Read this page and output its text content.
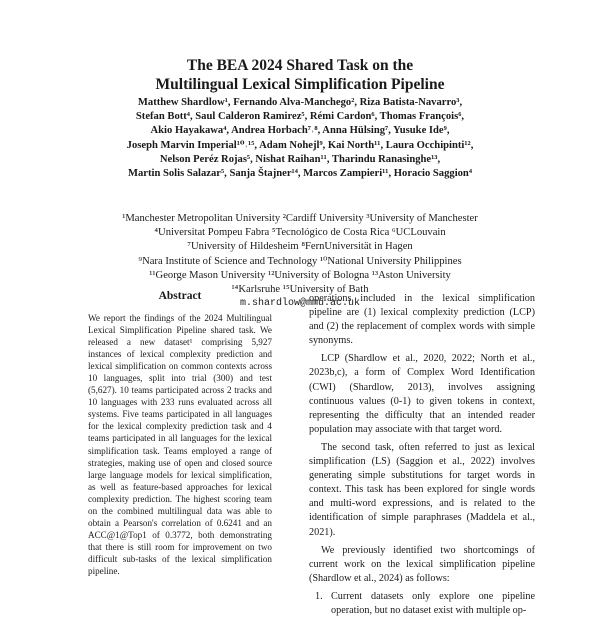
The BEA 2024 Shared Task on the
Multilingual Lexical Simplification Pipeline
Matthew Shardlow¹, Fernando Alva-Manchego², Riza Batista-Navarro³,
Stefan Bott⁴, Saul Calderon Ramirez⁵, Rémi Cardon⁶, Thomas François⁶,
Akio Hayakawa⁴, Andrea Horbach⁷˒⁸, Anna Hülsing⁷, Yusuke Ide⁹,
Joseph Marvin Imperial¹⁰˒¹⁵, Adam Nohejl⁹, Kai North¹¹, Laura Occhipinti¹²,
Nelson Peréz Rojas⁵, Nishat Raihan¹¹, Tharindu Ranasinghe¹³,
Martin Solis Salazar⁵, Sanja Štajner¹⁴, Marcos Zampieri¹¹, Horacio Saggion⁴
¹Manchester Metropolitan University ²Cardiff University ³University of Manchester
⁴Universitat Pompeu Fabra ⁵Tecnológico de Costa Rica ⁶UCLouvain
⁷University of Hildesheim ⁸FernUniversität in Hagen
⁹Nara Institute of Science and Technology ¹⁰National University Philippines
¹¹George Mason University ¹²University of Bologna ¹³Aston University
¹⁴Karlsruhe ¹⁵University of Bath
m.shardlow@mmu.ac.uk
Abstract
We report the findings of the 2024 Multilingual Lexical Simplification Pipeline shared task. We released a new dataset¹ comprising 5,927 instances of lexical complexity prediction and lexical simplification on common contexts across 10 languages, split into trial (300) and test (5,627). 10 teams participated across 2 tracks and 10 languages with 233 runs evaluated across all systems. Five teams participated in all languages for the lexical complexity prediction task and 4 teams participated in all languages for the lexical simplification task. Teams employed a range of strategies, making use of open and closed source large language models for lexical simplification, as well as feature-based approaches for lexical complexity prediction. The highest scoring team on the combined multilingual data was able to obtain a Pearson's correlation of 0.6241 and an ACC@1@Top1 of 0.3772, both demonstrating that there is still room for improvement on two difficult sub-tasks of the lexical simplification pipeline.

operations included in the lexical simplification pipeline are (1) lexical complexity prediction (LCP) and (2) the replacement of complex words with simple synonyms.

LCP (Shardlow et al., 2020, 2022; North et al., 2023b,c), a form of Complex Word Identification (CWI) (Shardlow, 2013), involves assigning continuous values (0-1) to given tokens in context, representing the difficulty that an intended reader population may associate with that target word.

The second task, often referred to just as lexical simplification (LS) (Saggion et al., 2022) involves generating simple substitutions for target words in context. This task has been explored for single words and multi-word expressions, and is related to the identification of simple paraphrases (Maddela et al., 2021).

We previously identified two shortcomings of current work on the lexical simplification pipeline (Shardlow et al., 2024) as follows:

1. Current datasets only explore one pipeline operation, but no dataset exist with multiple op-
